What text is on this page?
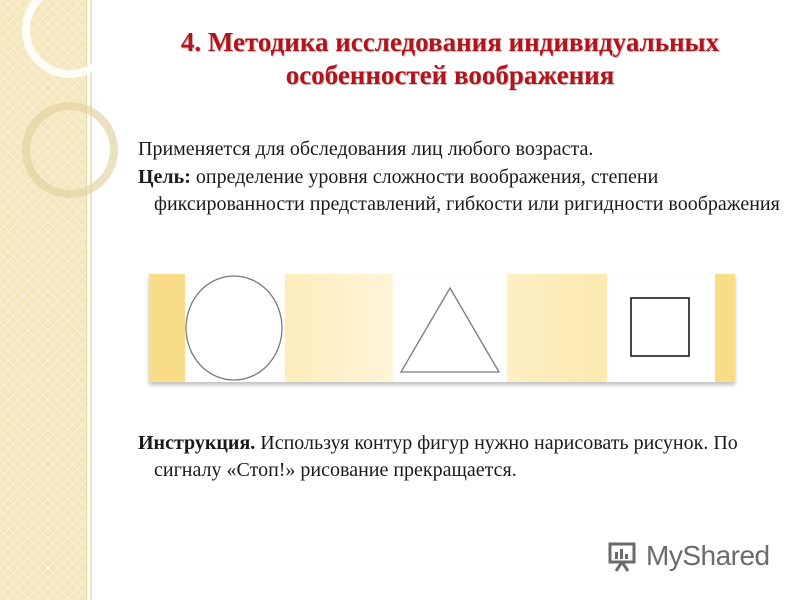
4. Методика исследования индивидуальных
особенностей воображения
Применяется для обследования лиц любого возраста.
Цель: определение уровня сложности воображения, степени фиксированности представлений, гибкости или ригидности воображения
Инструкция. Используя контур фигур нужно нарисовать рисунок. По сигналу «Стоп!» рисование прекращается.
MyShared
